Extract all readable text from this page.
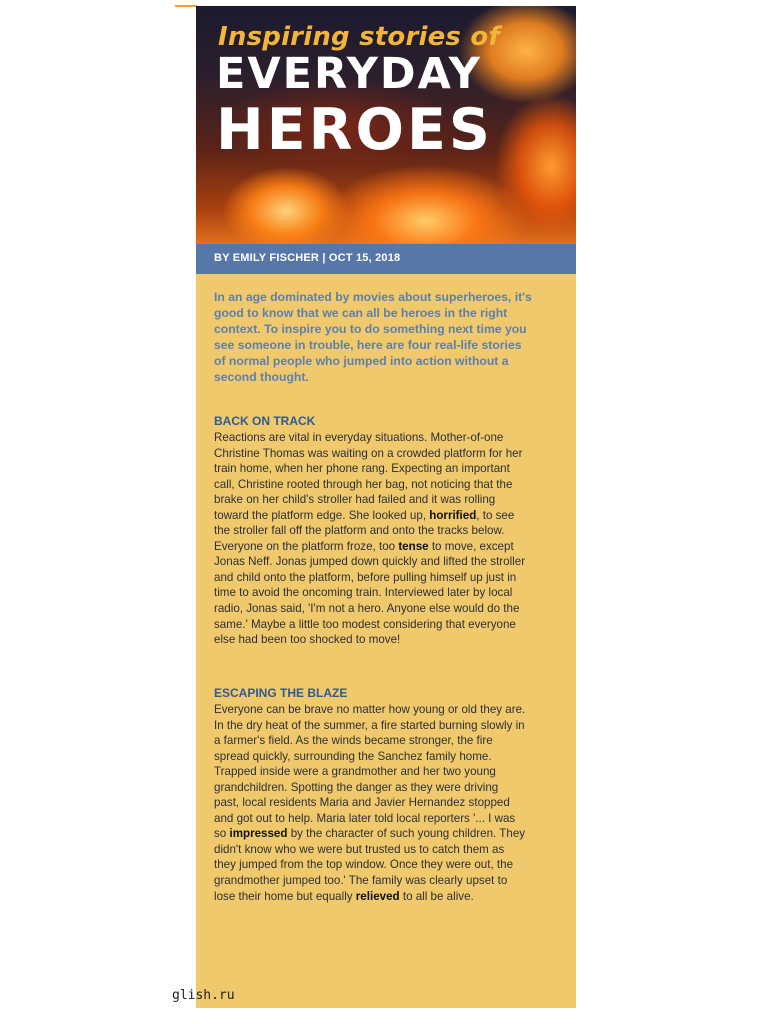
Inspiring stories of

EVERYDAY
HEROES
BY EMILY FISCHER | OCT 15, 2018

In an age dominated by movies about superheroes, it's good to know that we can all be heroes in the right context. To inspire you to do something next time you see someone in trouble, here are four real-life stories of normal people who jumped into action without a second thought.

BACK ON TRACK

Reactions are vital in everyday situations. Mother-of-one Christine Thomas was waiting on a crowded platform for her train home, when her phone rang. Expecting an important call, Christine rooted through her bag, not noticing that the brake on her child's stroller had failed and it was rolling toward the platform edge. She looked up, horrified, to see the stroller fall off the platform and onto the tracks below. Everyone on the platform froze, too tense to move, except Jonas Neff. Jonas jumped down quickly and lifted the stroller and child onto the platform, before pulling himself up just in time to avoid the oncoming train. Interviewed later by local radio, Jonas said, 'I'm not a hero. Anyone else would do the same.' Maybe a little too modest considering that everyone else had been too shocked to move!

ESCAPING THE BLAZE

Everyone can be brave no matter how young or old they are. In the dry heat of the summer, a fire started burning slowly in a farmer's field. As the winds became stronger, the fire spread quickly, surrounding the Sanchez family home. Trapped inside were a grandmother and her two young grandchildren. Spotting the danger as they were driving past, local residents Maria and Javier Hernandez stopped and got out to help. Maria later told local reporters '... I was so impressed by the character of such young children. They didn't know who we were but trusted us to catch them as they jumped from the top window. Once they were out, the grandmother jumped too.' The family was clearly upset to lose their home but equally relieved to all be alive.

glish.ru
